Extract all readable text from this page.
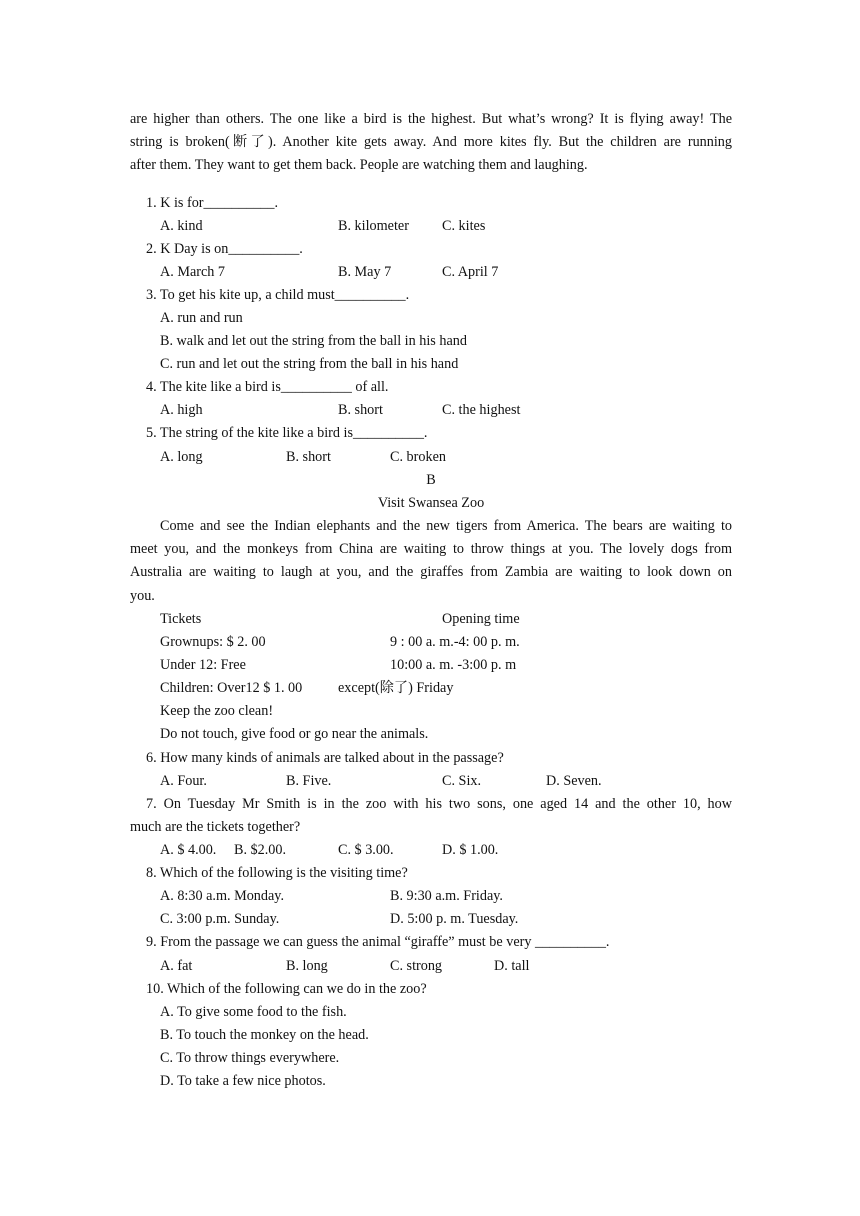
are higher than others. The one like a bird is the highest. But what’s wrong? It is flying away! The
string is broken(断了). Another kite gets away. And more kites fly. But the children are running
after them. They want to get them back. People are watching them and laughing.
1. K is for__________.
A. kind	B. kilometer C. kites
2. K Day is on__________.
A. March 7	B. May 7	C. April 7
3. To get his kite up, a child must__________.
A. run and run
B. walk and let out the string from the ball in his hand
C. run and let out the string from the ball in his hand
4. The kite like a bird is__________ of all.
A. high	B. short	C. the highest
5. The string of the kite like a bird is__________.
A. long	B. short	C. broken
B
Visit Swansea Zoo
Come and see the Indian elephants and the new tigers from America. The bears are waiting to
meet you, and the monkeys from China are waiting to throw things at you. The lovely dogs from
Australia are waiting to laugh at you, and the giraffes from Zambia are waiting to look down on
you.
Tickets	Opening time
Grownups: $ 2. 00	9 : 00 a. m.-4: 00 p. m.
Under 12: Free	10:00 a. m. -3:00 p. m
Children: Over12 $ 1. 00	except(除了) Friday
Keep the zoo clean!
Do not touch, give food or go near the animals.
6. How many kinds of animals are talked about in the passage?
A. Four.	B. Five.	C. Six.	D. Seven.
7. On Tuesday Mr Smith is in the zoo with his two sons, one aged 14 and the other 10, how
much are the tickets together?
A. $ 4.00. B. $2.00.	C. $ 3.00.	D. $ 1.00.
8. Which of the following is the visiting time?
A. 8:30 a.m. Monday.	B. 9:30 a.m. Friday.
C. 3:00 p.m. Sunday.	D. 5:00 p. m. Tuesday.
9. From the passage we can guess the animal “giraffe” must be very __________.
A. fat	B. long	C. strong	D. tall
10. Which of the following can we do in the zoo?
A. To give some food to the fish.
B. To touch the monkey on the head.
C. To throw things everywhere.
D. To take a few nice photos.
